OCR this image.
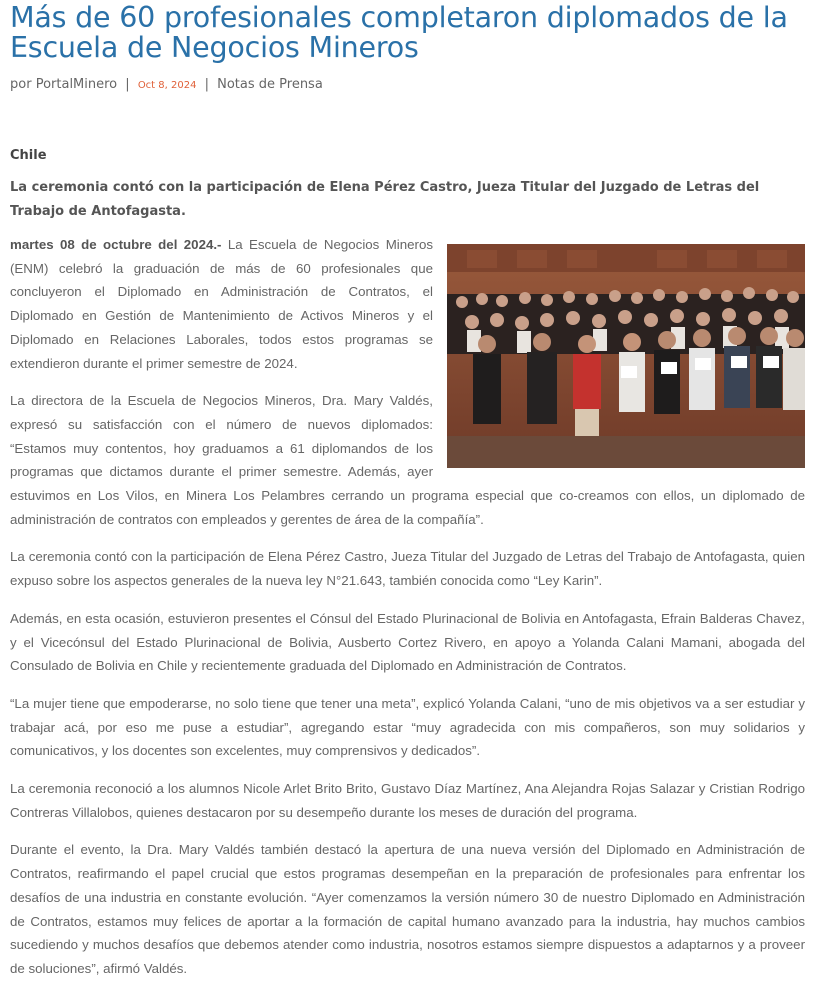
Más de 60 profesionales completaron diplomados de la Escuela de Negocios Mineros
por PortalMinero | Oct 8, 2024 | Notas de Prensa
Chile
La ceremonia contó con la participación de Elena Pérez Castro, Jueza Titular del Juzgado de Letras del Trabajo de Antofagasta.

martes 08 de octubre del 2024.- La Escuela de Negocios Mineros (ENM) celebró la graduación de más de 60 profesionales que concluyeron el Diplomado en Administración de Contratos, el Diplomado en Gestión de Mantenimiento de Activos Mineros y el Diplomado en Relaciones Laborales, todos estos programas se extendieron durante el primer semestre de 2024.

La directora de la Escuela de Negocios Mineros, Dra. Mary Valdés, expresó su satisfacción con el número de nuevos diplomados: “Estamos muy contentos, hoy graduamos a 61 diplomandos de los programas que dictamos durante el primer semestre. Además, ayer estuvimos en Los Vilos, en Minera Los Pelambres cerrando un programa especial que co-creamos con ellos, un diplomado de administración de contratos con empleados y gerentes de área de la compañía”.

La ceremonia contó con la participación de Elena Pérez Castro, Jueza Titular del Juzgado de Letras del Trabajo de Antofagasta, quien expuso sobre los aspectos generales de la nueva ley N°21.643, también conocida como “Ley Karin”.

Además, en esta ocasión, estuvieron presentes el Cónsul del Estado Plurinacional de Bolivia en Antofagasta, Efrain Balderas Chavez, y el Vicecónsul del Estado Plurinacional de Bolivia, Ausberto Cortez Rivero, en apoyo a Yolanda Calani Mamani, abogada del Consulado de Bolivia en Chile y recientemente graduada del Diplomado en Administración de Contratos.

“La mujer tiene que empoderarse, no solo tiene que tener una meta”, explicó Yolanda Calani, “uno de mis objetivos va a ser estudiar y trabajar acá, por eso me puse a estudiar”, agregando estar “muy agradecida con mis compañeros, son muy solidarios y comunicativos, y los docentes son excelentes, muy comprensivos y dedicados”.

La ceremonia reconoció a los alumnos Nicole Arlet Brito Brito, Gustavo Díaz Martínez, Ana Alejandra Rojas Salazar y Cristian Rodrigo Contreras Villalobos, quienes destacaron por su desempeño durante los meses de duración del programa.

Durante el evento, la Dra. Mary Valdés también destacó la apertura de una nueva versión del Diplomado en Administración de Contratos, reafirmando el papel crucial que estos programas desempeñan en la preparación de profesionales para enfrentar los desafíos de una industria en constante evolución. “Ayer comenzamos la versión número 30 de nuestro Diplomado en Administración de Contratos, estamos muy felices de aportar a la formación de capital humano avanzado para la industria, hay muchos cambios sucediendo y muchos desafíos que debemos atender como industria, nosotros estamos siempre dispuestos a adaptarnos y a proveer de soluciones”, afirmó Valdés.
